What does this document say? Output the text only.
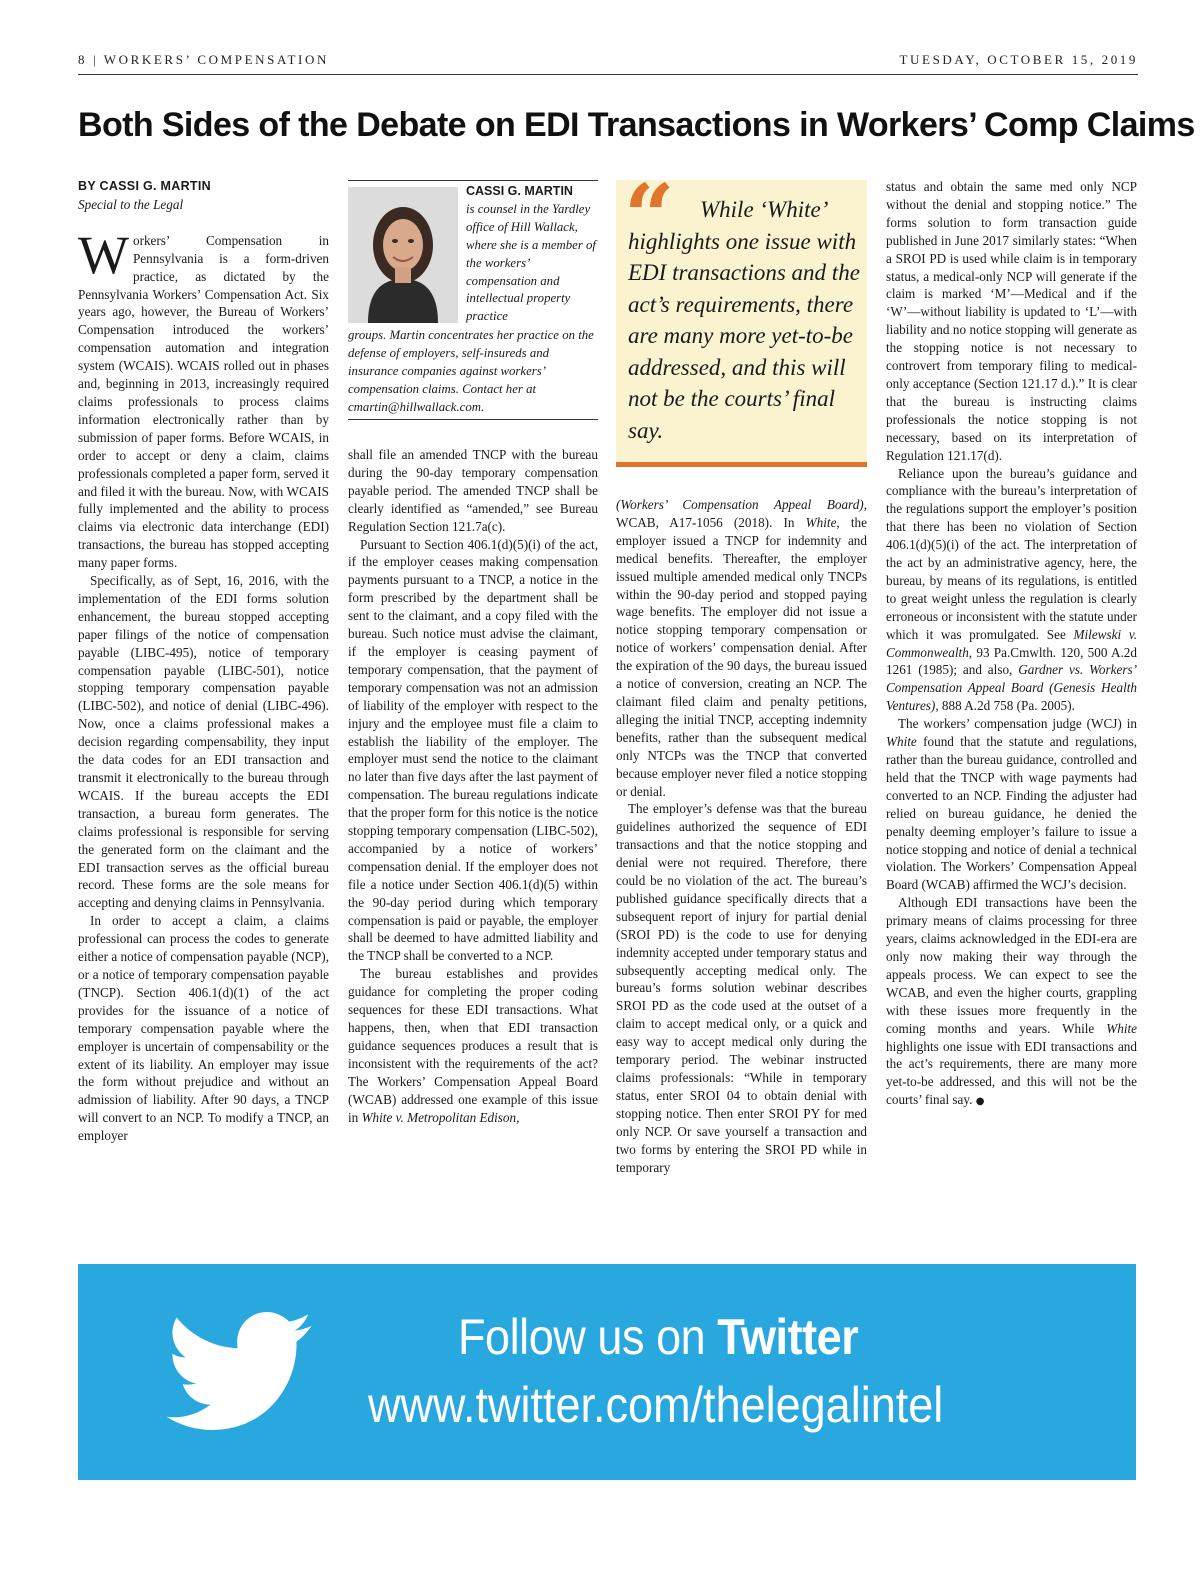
8 | WORKERS’ COMPENSATION	TUESDAY, OCTOBER 15, 2019
Both Sides of the Debate on EDI Transactions in Workers’ Comp Claims
BY CASSI G. MARTIN
Special to the Legal

Workers’ Compensation in Pennsylvania is a form-driven practice, as dictated by the Pennsylvania Workers’ Compensation Act. Six years ago, however, the Bureau of Workers’ Compensation introduced the workers’ compensation automation and integration system (WCAIS). WCAIS rolled out in phases and, beginning in 2013, increasingly required claims professionals to process claims information electronically rather than by submission of paper forms. Before WCAIS, in order to accept or deny a claim, claims professionals completed a paper form, served it and filed it with the bureau. Now, with WCAIS fully implemented and the ability to process claims via electronic data interchange (EDI) transactions, the bureau has stopped accepting many paper forms.

Specifically, as of Sept, 16, 2016, with the implementation of the EDI forms solution enhancement, the bureau stopped accepting paper filings of the notice of compensation payable (LIBC-495), notice of temporary compensation payable (LIBC-501), notice stopping temporary compensation payable (LIBC-502), and notice of denial (LIBC-496). Now, once a claims professional makes a decision regarding compensability, they input the data codes for an EDI transaction and transmit it electronically to the bureau through WCAIS. If the bureau accepts the EDI transaction, a bureau form generates. The claims professional is responsible for serving the generated form on the claimant and the EDI transaction serves as the official bureau record. These forms are the sole means for accepting and denying claims in Pennsylvania.

In order to accept a claim, a claims professional can process the codes to generate either a notice of compensation payable (NCP), or a notice of temporary compensation payable (TNCP). Section 406.1(d)(1) of the act provides for the issuance of a notice of temporary compensation payable where the employer is uncertain of compensability or the extent of its liability. An employer may issue the form without prejudice and without an admission of liability. After 90 days, a TNCP will convert to an NCP. To modify a TNCP, an employer

CASSI G. MARTIN
is counsel in the Yardley office of Hill Wallack, where she is a member of the workers’ compensation and intellectual property practice
groups. Martin concentrates her practice on the defense of employers, self-insureds and insurance companies against workers’ compensation claims. Contact her at cmartin@hillwallack.com.

shall file an amended TNCP with the bureau during the 90-day temporary compensation payable period. The amended TNCP shall be clearly identified as “amended,” see Bureau Regulation Section 121.7a(c).

Pursuant to Section 406.1(d)(5)(i) of the act, if the employer ceases making compensation payments pursuant to a TNCP, a notice in the form prescribed by the department shall be sent to the claimant, and a copy filed with the bureau. Such notice must advise the claimant, if the employer is ceasing payment of temporary compensation, that the payment of temporary compensation was not an admission of liability of the employer with respect to the injury and the employee must file a claim to establish the liability of the employer. The employer must send the notice to the claimant no later than five days after the last payment of compensation. The bureau regulations indicate that the proper form for this notice is the notice stopping temporary compensation (LIBC-502), accompanied by a notice of workers’ compensation denial. If the employer does not file a notice under Section 406.1(d)(5) within the 90-day period during which temporary compensation is paid or payable, the employer shall be deemed to have admitted liability and the TNCP shall be converted to a NCP.

The bureau establishes and provides guidance for completing the proper coding sequences for these EDI transactions. What happens, then, when that EDI transaction guidance sequences produces a result that is inconsistent with the requirements of the act? The Workers’ Compensation Appeal Board (WCAB) addressed one example of this issue in White v. Metropolitan Edison,

“	While ‘White’ highlights one issue with EDI transactions and the act’s requirements, there are many more yet-to-be addressed, and this will not be the courts’ final say.

(Workers’ Compensation Appeal Board), WCAB, A17-1056 (2018). In White, the employer issued a TNCP for indemnity and medical benefits. Thereafter, the employer issued multiple amended medical only TNCPs within the 90-day period and stopped paying wage benefits. The employer did not issue a notice stopping temporary compensation or notice of workers’ compensation denial. After the expiration of the 90 days, the bureau issued a notice of conversion, creating an NCP. The claimant filed claim and penalty petitions, alleging the initial TNCP, accepting indemnity benefits, rather than the subsequent medical only NTCPs was the TNCP that converted because employer never filed a notice stopping or denial.

The employer’s defense was that the bureau guidelines authorized the sequence of EDI transactions and that the notice stopping and denial were not required. Therefore, there could be no violation of the act. The bureau’s published guidance specifically directs that a subsequent report of injury for partial denial (SROI PD) is the code to use for denying indemnity accepted under temporary status and subsequently accepting medical only. The bureau’s forms solution webinar describes SROI PD as the code used at the outset of a claim to accept medical only, or a quick and easy way to accept medical only during the temporary period. The webinar instructed claims professionals: “While in temporary status, enter SROI 04 to obtain denial with stopping notice. Then enter SROI PY for med only NCP. Or save yourself a transaction and two forms by entering the SROI PD while in temporary

status and obtain the same med only NCP without the denial and stopping notice.” The forms solution to form transaction guide published in June 2017 similarly states: “When a SROI PD is used while claim is in temporary status, a medical-only NCP will generate if the claim is marked ‘M’—Medical and if the ‘W’—without liability is updated to ‘L’—with liability and no notice stopping will generate as the stopping notice is not necessary to controvert from temporary filing to medical-only acceptance (Section 121.17 d.).” It is clear that the bureau is instructing claims professionals the notice stopping is not necessary, based on its interpretation of Regulation 121.17(d).

Reliance upon the bureau’s guidance and compliance with the bureau’s interpretation of the regulations support the employer’s position that there has been no violation of Section 406.1(d)(5)(i) of the act. The interpretation of the act by an administrative agency, here, the bureau, by means of its regulations, is entitled to great weight unless the regulation is clearly erroneous or inconsistent with the statute under which it was promulgated. See Milewski v. Commonwealth, 93 Pa.Cmwlth. 120, 500 A.2d 1261 (1985); and also, Gardner vs. Workers’ Compensation Appeal Board (Genesis Health Ventures), 888 A.2d 758 (Pa. 2005).

The workers’ compensation judge (WCJ) in White found that the statute and regulations, rather than the bureau guidance, controlled and held that the TNCP with wage payments had converted to an NCP. Finding the adjuster had relied on bureau guidance, he denied the penalty deeming employer’s failure to issue a notice stopping and notice of denial a technical violation. The Workers’ Compensation Appeal Board (WCAB) affirmed the WCJ’s decision.

Although EDI transactions have been the primary means of claims processing for three years, claims acknowledged in the EDI-era are only now making their way through the appeals process. We can expect to see the WCAB, and even the higher courts, grappling with these issues more frequently in the coming months and years. While White highlights one issue with EDI transactions and the act’s requirements, there are many more yet-to-be addressed, and this will not be the courts’ final say. ●

Follow us on Twitter
www.twitter.com/thelegalintel
